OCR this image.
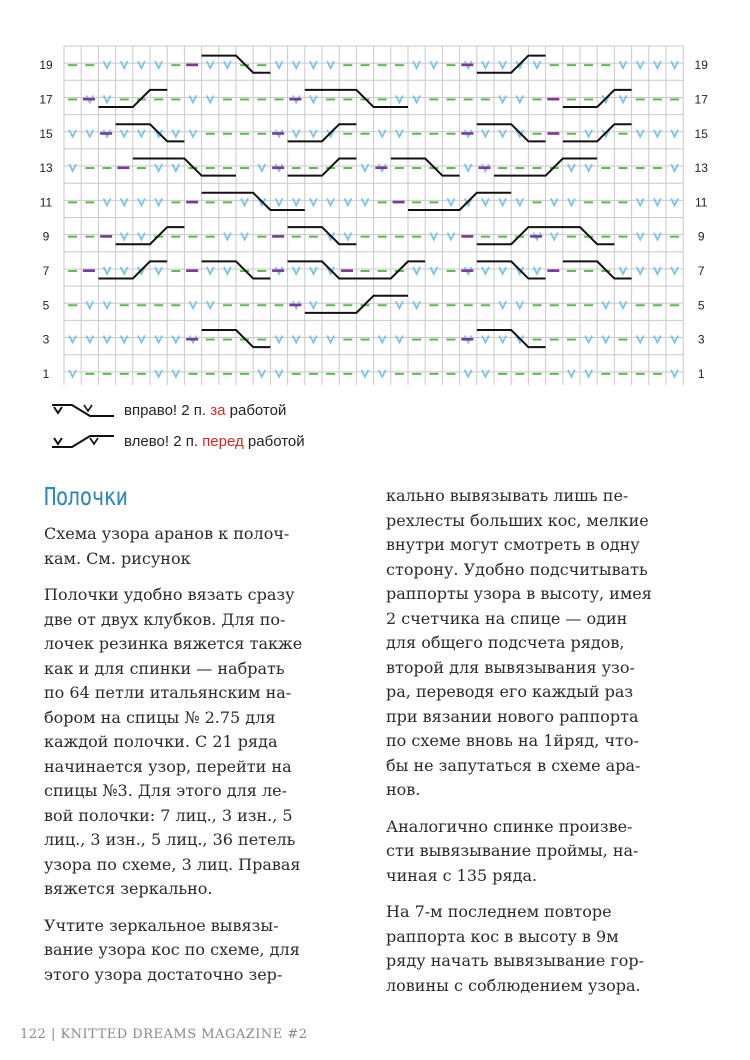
19	19
17	17
15	15
13	13
11	11
9	9
7	7
5	5
3	3
1	1
вправо! 2 п. за работой
влево! 2 п. перед работой
Полочки

Схема узора аранов к полоч-
кам. См. рисунок

Полочки удобно вязать сразу
две от двух клубков. Для по-
лочек резинка вяжется также
как и для спинки — набрать
по 64 петли итальянским на-
бором на спицы № 2.75 для
каждой полочки. С 21 ряда
начинается узор, перейти на
спицы №3. Для этого для ле-
вой полочки: 7 лиц., 3 изн., 5
лиц., 3 изн., 5 лиц., 36 петель
узора по схеме, 3 лиц. Правая
вяжется зеркально.

Учтите зеркальное вывязы-
вание узора кос по схеме, для
этого узора достаточно зер-

кально вывязывать лишь пе-
рехлесты больших кос, мелкие
внутри могут смотреть в одну
сторону. Удобно подсчитывать
раппорты узора в высоту, имея
2 счетчика на спице — один
для общего подсчета рядов,
второй для вывязывания узо-
ра, переводя его каждый раз
при вязании нового раппорта
по схеме вновь на 1йряд, что-
бы не запутаться в схеме ара-
нов.

Аналогично спинке произве-
сти вывязывание проймы, на-
чиная с 135 ряда.

На 7-м последнем повторе
раппорта кос в высоту в 9м
ряду начать вывязывание гор-
ловины с соблюдением узора.

122 | KNITTED DREAMS MAGAZINE #2
